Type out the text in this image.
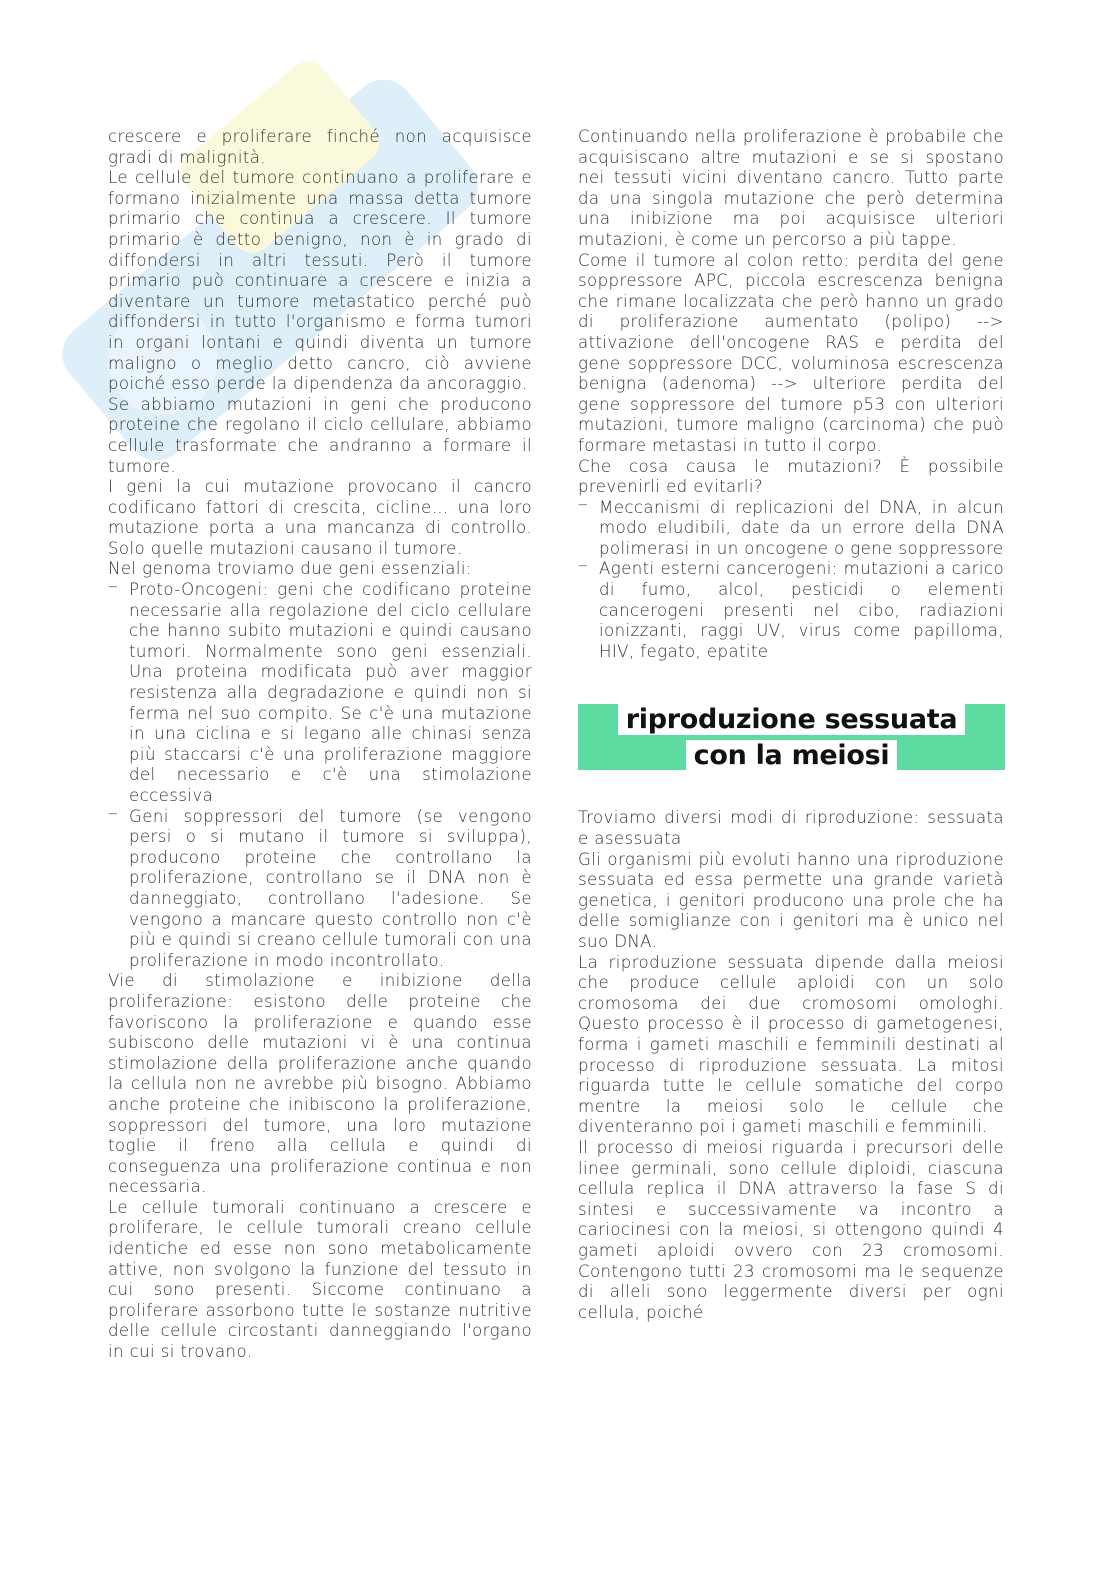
crescere e proliferare finché non acquisisce gradi di malignità.

Le cellule del tumore continuano a proliferare e formano inizialmente una massa detta tumore primario che continua a crescere. Il tumore primario è detto benigno, non è in grado di diffondersi in altri tessuti. Però il tumore primario può continuare a crescere e inizia a diventare un tumore metastatico perché può diffondersi in tutto l'organismo e forma tumori in organi lontani e quindi diventa un tumore maligno o meglio detto cancro, ciò avviene poiché esso perde la dipendenza da ancoraggio.

Se abbiamo mutazioni in geni che producono proteine che regolano il ciclo cellulare, abbiamo cellule trasformate che andranno a formare il tumore.

I geni la cui mutazione provocano il cancro codificano fattori di crescita, cicline… una loro mutazione porta a una mancanza di controllo. Solo quelle mutazioni causano il tumore.

Nel genoma troviamo due geni essenziali:

‒ Proto-Oncogeni: geni che codificano proteine necessarie alla regolazione del ciclo cellulare che hanno subito mutazioni e quindi causano tumori. Normalmente sono geni essenziali. Una proteina modificata può aver maggior resistenza alla degradazione e quindi non si ferma nel suo compito. Se c'è una mutazione in una ciclina e si legano alle chinasi senza più staccarsi c'è una proliferazione maggiore del necessario e c'è una stimolazione eccessiva
‒ Geni soppressori del tumore (se vengono persi o si mutano il tumore si sviluppa), producono proteine che controllano la proliferazione, controllano se il DNA non è danneggiato, controllano l'adesione. Se vengono a mancare questo controllo non c'è più e quindi si creano cellule tumorali con una proliferazione in modo incontrollato.

Vie di stimolazione e inibizione della proliferazione: esistono delle proteine che favoriscono la proliferazione e quando esse subiscono delle mutazioni vi è una continua stimolazione della proliferazione anche quando la cellula non ne avrebbe più bisogno. Abbiamo anche proteine che inibiscono la proliferazione, soppressori del tumore, una loro mutazione toglie il freno alla cellula e quindi di conseguenza una proliferazione continua e non necessaria.

Le cellule tumorali continuano a crescere e proliferare, le cellule tumorali creano cellule identiche ed esse non sono metabolicamente attive, non svolgono la funzione del tessuto in cui sono presenti. Siccome continuano a proliferare assorbono tutte le sostanze nutritive delle cellule circostanti danneggiando l'organo in cui si trovano.

Continuando nella proliferazione è probabile che acquisiscano altre mutazioni e se si spostano nei tessuti vicini diventano cancro. Tutto parte da una singola mutazione che però determina una inibizione ma poi acquisisce ulteriori mutazioni, è come un percorso a più tappe.

Come il tumore al colon retto: perdita del gene soppressore APC, piccola escrescenza benigna che rimane localizzata che però hanno un grado di proliferazione aumentato (polipo) --> attivazione dell'oncogene RAS e perdita del gene soppressore DCC, voluminosa escrescenza benigna (adenoma) --> ulteriore perdita del gene soppressore del tumore p53 con ulteriori mutazioni, tumore maligno (carcinoma) che può formare metastasi in tutto il corpo.

Che cosa causa le mutazioni? È possibile prevenirli ed evitarli?

‒ Meccanismi di replicazioni del DNA, in alcun modo eludibili, date da un errore della DNA polimerasi in un oncogene o gene soppressore
‒ Agenti esterni cancerogeni: mutazioni a carico di fumo, alcol, pesticidi o elementi cancerogeni presenti nel cibo, radiazioni ionizzanti, raggi UV, virus come papilloma, HIV, fegato, epatite
riproduzione sessuata
con la meiosi

Troviamo diversi modi di riproduzione: sessuata e asessuata

Gli organismi più evoluti hanno una riproduzione sessuata ed essa permette una grande varietà genetica, i genitori producono una prole che ha delle somiglianze con i genitori ma è unico nel suo DNA.

La riproduzione sessuata dipende dalla meiosi che produce cellule aploidi con un solo cromosoma dei due cromosomi omologhi. Questo processo è il processo di gametogenesi, forma i gameti maschili e femminili destinati al processo di riproduzione sessuata. La mitosi riguarda tutte le cellule somatiche del corpo mentre la meiosi solo le cellule che diventeranno poi i gameti maschili e femminili.

Il processo di meiosi riguarda i precursori delle linee germinali, sono cellule diploidi, ciascuna cellula replica il DNA attraverso la fase S di sintesi e successivamente va incontro a cariocinesi con la meiosi, si ottengono quindi 4 gameti aploidi ovvero con 23 cromosomi. Contengono tutti 23 cromosomi ma le sequenze di alleli sono leggermente diversi per ogni cellula, poiché
